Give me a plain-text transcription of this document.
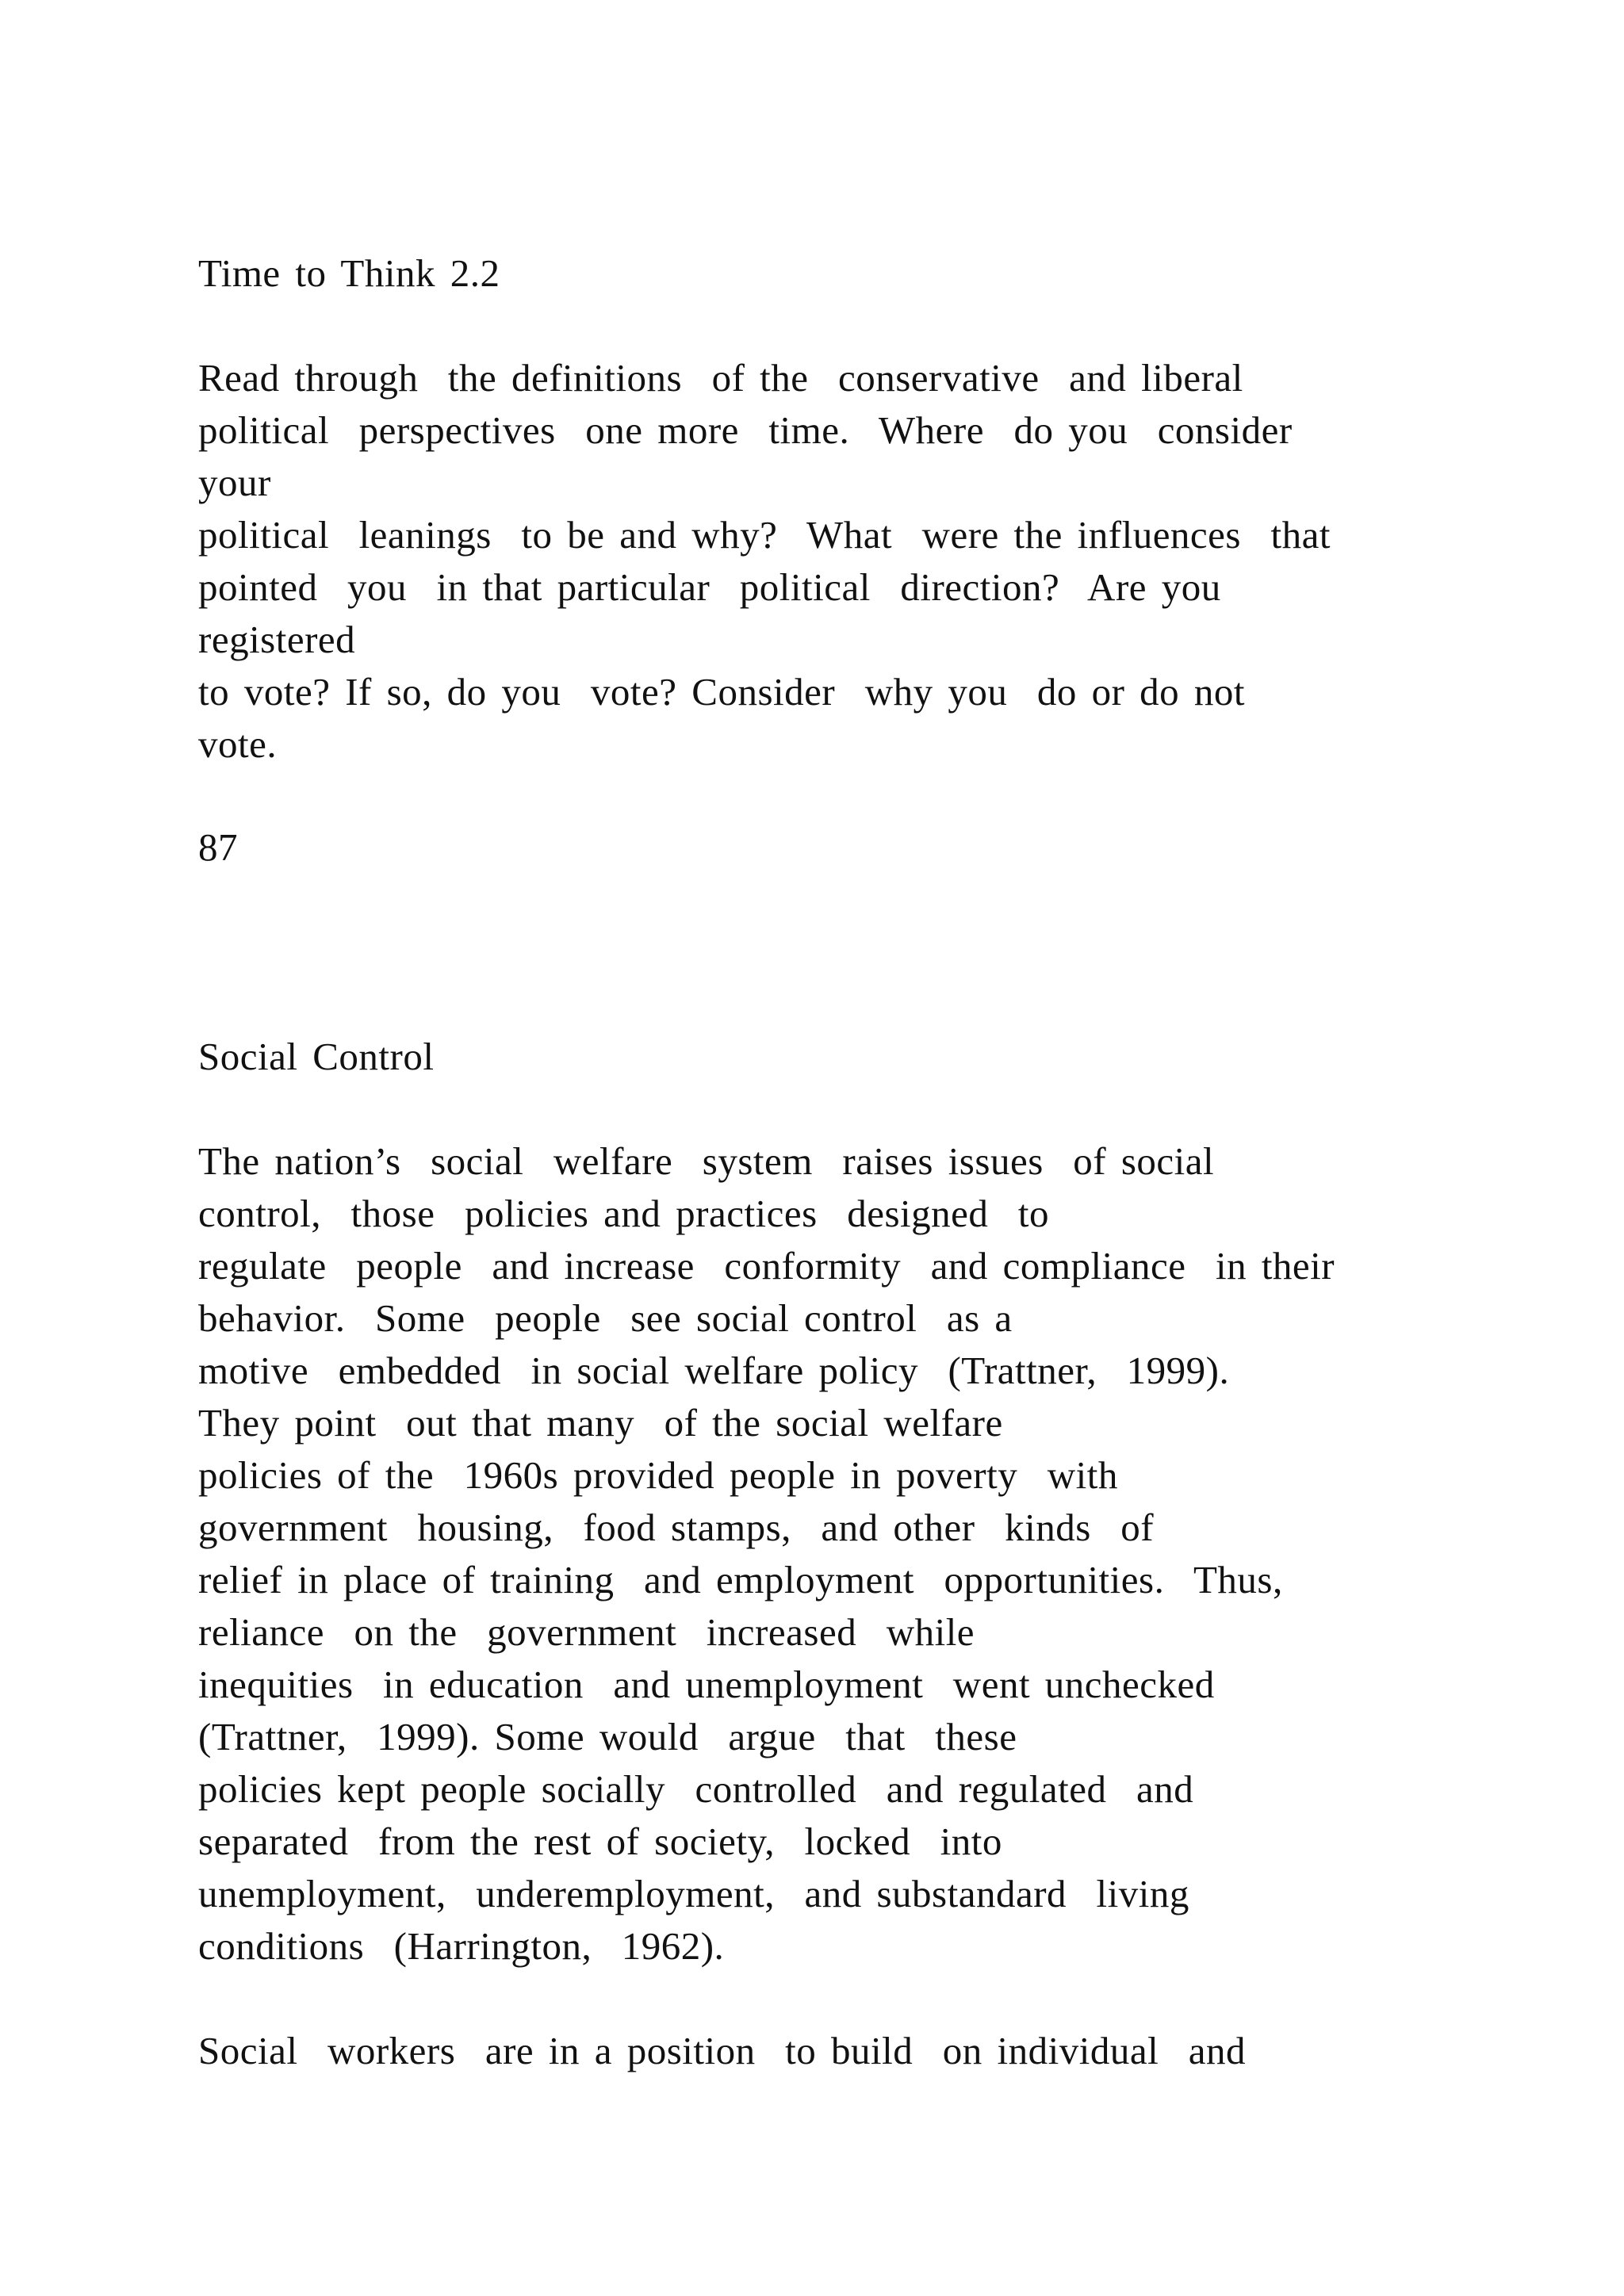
Time to Think 2.2
Read through  the definitions  of the  conservative  and liberal
political  perspectives  one more  time.  Where  do you  consider
your
political  leanings  to be and why?  What  were the influences  that
pointed  you  in that particular  political  direction?  Are you
registered
to vote? If so, do you  vote? Consider  why you  do or do not
vote.
87
Social Control
The nation’s  social  welfare  system  raises issues  of social
control,  those  policies and practices  designed  to
regulate  people  and increase  conformity  and compliance  in their
behavior.  Some  people  see social control  as a
motive  embedded  in social welfare policy  (Trattner,  1999).
They point  out that many  of the social welfare
policies of the  1960s provided people in poverty  with
government  housing,  food stamps,  and other  kinds  of
relief in place of training  and employment  opportunities.  Thus,
reliance  on the  government  increased  while
inequities  in education  and unemployment  went unchecked
(Trattner,  1999). Some would  argue  that  these
policies kept people socially  controlled  and regulated  and
separated  from the rest of society,  locked  into
unemployment,  underemployment,  and substandard  living
conditions  (Harrington,  1962).
Social  workers  are in a position  to build  on individual  and
